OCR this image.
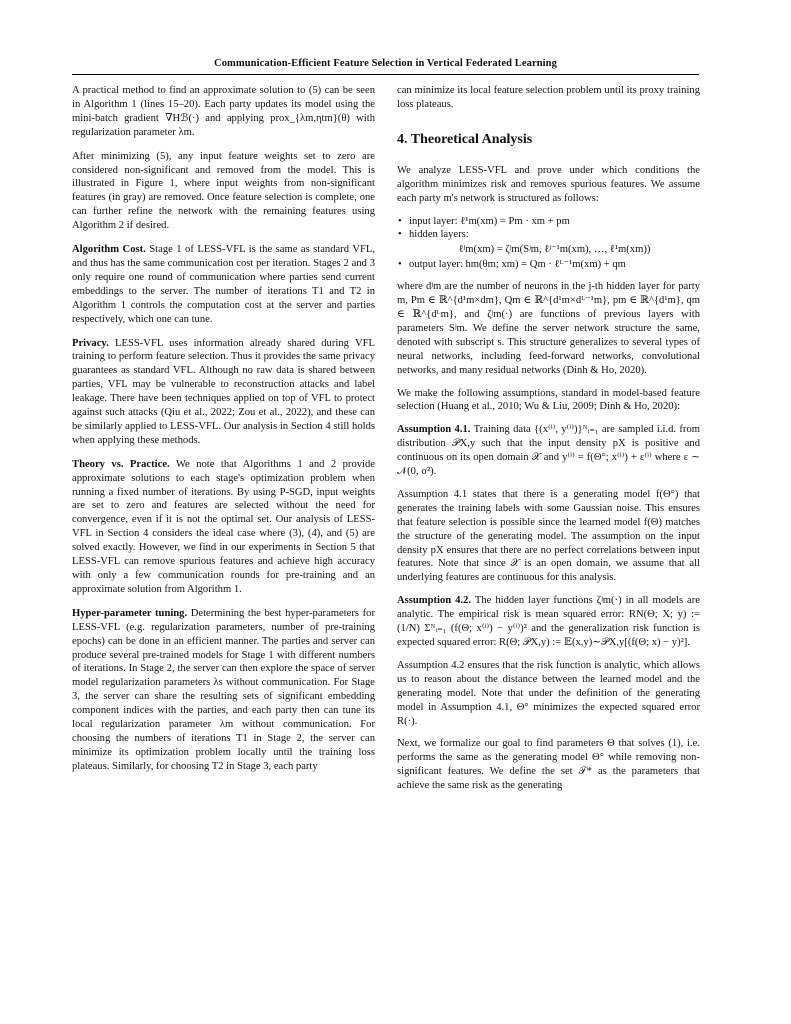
Communication-Efficient Feature Selection in Vertical Federated Learning

A practical method to find an approximate solution to (5) can be seen in Algorithm 1 (lines 15–20). Each party updates its model using the mini-batch gradient ∇Hℬ(·) and applying prox_{λm,ηtm}(θ) with regularization parameter λm.

After minimizing (5), any input feature weights set to zero are considered non-significant and removed from the model. This is illustrated in Figure 1, where input weights from non-significant features (in gray) are removed. Once feature selection is complete, one can further refine the network with the remaining features using Algorithm 2 if desired.

Algorithm Cost. Stage 1 of LESS-VFL is the same as standard VFL, and thus has the same communication cost per iteration. Stages 2 and 3 only require one round of communication where parties send current embeddings to the server. The number of iterations T1 and T2 in Algorithm 1 controls the computation cost at the server and parties respectively, which one can tune.

Privacy. LESS-VFL uses information already shared during VFL training to perform feature selection. Thus it provides the same privacy guarantees as standard VFL. Although no raw data is shared between parties, VFL may be vulnerable to reconstruction attacks and label leakage. There have been techniques applied on top of VFL to protect against such attacks (Qiu et al., 2022; Zou et al., 2022), and these can be similarly applied to LESS-VFL. Our analysis in Section 4 still holds when applying these methods.

Theory vs. Practice. We note that Algorithms 1 and 2 provide approximate solutions to each stage's optimization problem when running a fixed number of iterations. By using P-SGD, input weights are set to zero and features are selected without the need for convergence, even if it is not the optimal set. Our analysis of LESS-VFL in Section 4 considers the ideal case where (3), (4), and (5) are solved exactly. However, we find in our experiments in Section 5 that LESS-VFL can remove spurious features and achieve high accuracy with only a few communication rounds for pre-training and an approximate solution from Algorithm 1.

Hyper-parameter tuning. Determining the best hyper-parameters for LESS-VFL (e.g. regularization parameters, number of pre-training epochs) can be done in an efficient manner. The parties and server can produce several pre-trained models for Stage 1 with different numbers of iterations. In Stage 2, the server can then explore the space of server model regularization parameters λs without communication. For Stage 3, the server can share the resulting sets of significant embedding component indices with the parties, and each party then can tune its local regularization parameter λm without communication. For choosing the numbers of iterations T1 in Stage 2, the server can minimize its optimization problem locally until the training loss plateaus. Similarly, for choosing T2 in Stage 3, each party

can minimize its local feature selection problem until its proxy training loss plateaus.

4. Theoretical Analysis

We analyze LESS-VFL and prove under which conditions the algorithm minimizes risk and removes spurious features. We assume each party m's network is structured as follows:

• input layer: ℓ¹m(xm) = Pm · xm + pm
• hidden layers:
ℓʲm(xm) = ζʲm(Sʲm, ℓʲ⁻¹m(xm), …, ℓ¹m(xm))
• output layer: hm(θm; xm) = Qm · ℓᴸ⁻¹m(xm) + qm

where dʲm are the number of neurons in the j-th hidden layer for party m, Pm ∈ ℝ^{d¹m×dm}, Qm ∈ ℝ^{d¹m×dᴸ⁻¹m}, pm ∈ ℝ^{d¹m}, qm ∈ ℝ^{dᴸm}, and ζʲm(·) are functions of previous layers with parameters Sʲm. We define the server network structure the same, denoted with subscript s. This structure generalizes to several types of neural networks, including feed-forward networks, convolutional networks, and many residual networks (Dinh & Ho, 2020).

We make the following assumptions, standard in model-based feature selection (Huang et al., 2010; Wu & Liu, 2009; Dinh & Ho, 2020):

Assumption 4.1. Training data {(x⁽ⁱ⁾, y⁽ⁱ⁾)}ᴺᵢ₌₁ are sampled i.i.d. from distribution 𝒫X,y such that the input density pX is positive and continuous on its open domain 𝒳 and y⁽ⁱ⁾ = f(Θ°; x⁽ⁱ⁾) + ε⁽ⁱ⁾ where ε ∼ 𝒩(0, σ²).

Assumption 4.1 states that there is a generating model f(Θ°) that generates the training labels with some Gaussian noise. This ensures that feature selection is possible since the learned model f(Θ) matches the structure of the generating model. The assumption on the input density pX ensures that there are no perfect correlations between input features. Note that since 𝒳 is an open domain, we assume that all underlying features are continuous for this analysis.

Assumption 4.2. The hidden layer functions ζʲm(·) in all models are analytic. The empirical risk is mean squared error: RN(Θ; X; y) := (1/N) Σᴺᵢ₌₁ (f(Θ; x⁽ⁱ⁾) − y⁽ⁱ⁾)² and the generalization risk function is expected squared error: R(Θ; 𝒫X,y) := 𝔼(x,y)∼𝒫X,y[(f(Θ; x) − y)²].

Assumption 4.2 ensures that the risk function is analytic, which allows us to reason about the distance between the learned model and the generating model. Note that under the definition of the generating model in Assumption 4.1, Θ° minimizes the expected squared error R(·).

Next, we formalize our goal to find parameters Θ that solves (1), i.e. performs the same as the generating model Θ° while removing non-significant features. We define the set 𝒯* as the parameters that achieve the same risk as the generating
